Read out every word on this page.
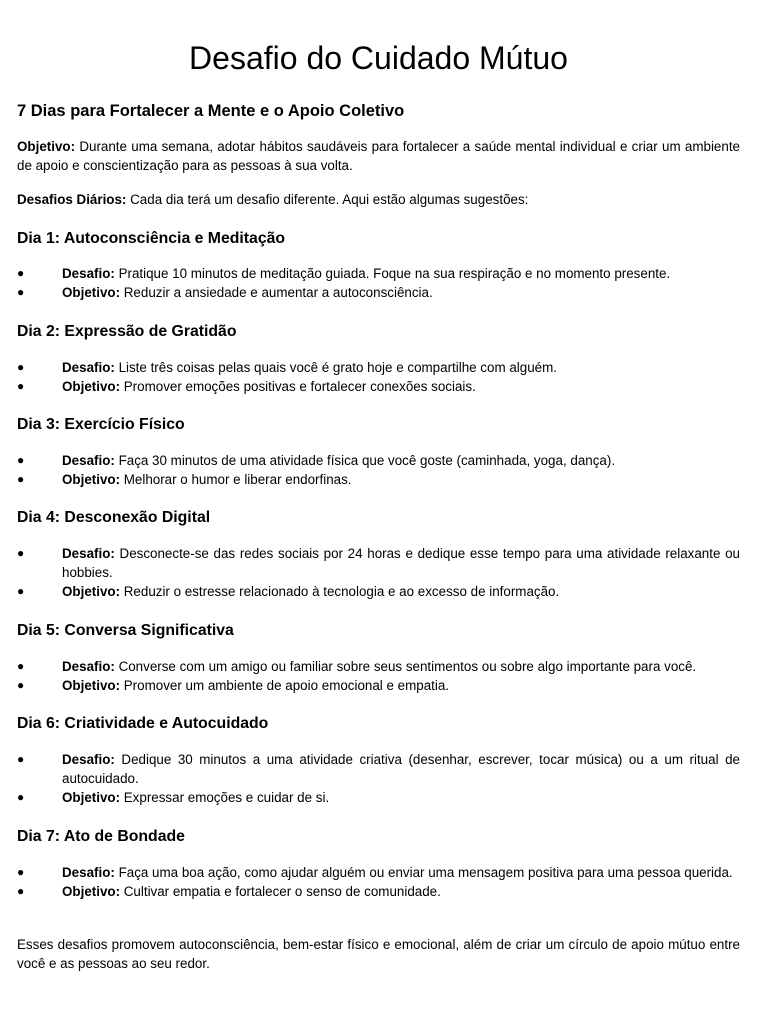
Desafio do Cuidado Mútuo
7 Dias para Fortalecer a Mente e o Apoio Coletivo

Objetivo: Durante uma semana, adotar hábitos saudáveis para fortalecer a saúde mental individual e criar um ambiente de apoio e conscientização para as pessoas à sua volta.

Desafios Diários: Cada dia terá um desafio diferente. Aqui estão algumas sugestões:

Dia 1: Autoconsciência e Meditação
●	Desafio: Pratique 10 minutos de meditação guiada. Foque na sua respiração e no momento presente.
●	Objetivo: Reduzir a ansiedade e aumentar a autoconsciência.
Dia 2: Expressão de Gratidão
●	Desafio: Liste três coisas pelas quais você é grato hoje e compartilhe com alguém.
●	Objetivo: Promover emoções positivas e fortalecer conexões sociais.
Dia 3: Exercício Físico
●	Desafio: Faça 30 minutos de uma atividade física que você goste (caminhada, yoga, dança).
●	Objetivo: Melhorar o humor e liberar endorfinas.
Dia 4: Desconexão Digital
●	Desafio: Desconecte-se das redes sociais por 24 horas e dedique esse tempo para uma atividade relaxante ou hobbies.
●	Objetivo: Reduzir o estresse relacionado à tecnologia e ao excesso de informação.
Dia 5: Conversa Significativa
●	Desafio: Converse com um amigo ou familiar sobre seus sentimentos ou sobre algo importante para você.
●	Objetivo: Promover um ambiente de apoio emocional e empatia.
Dia 6: Criatividade e Autocuidado
●	Desafio: Dedique 30 minutos a uma atividade criativa (desenhar, escrever, tocar música) ou a um ritual de autocuidado.
●	Objetivo: Expressar emoções e cuidar de si.
Dia 7: Ato de Bondade
●	Desafio: Faça uma boa ação, como ajudar alguém ou enviar uma mensagem positiva para uma pessoa querida.
●	Objetivo: Cultivar empatia e fortalecer o senso de comunidade.

Esses desafios promovem autoconsciência, bem-estar físico e emocional, além de criar um círculo de apoio mútuo entre você e as pessoas ao seu redor.
